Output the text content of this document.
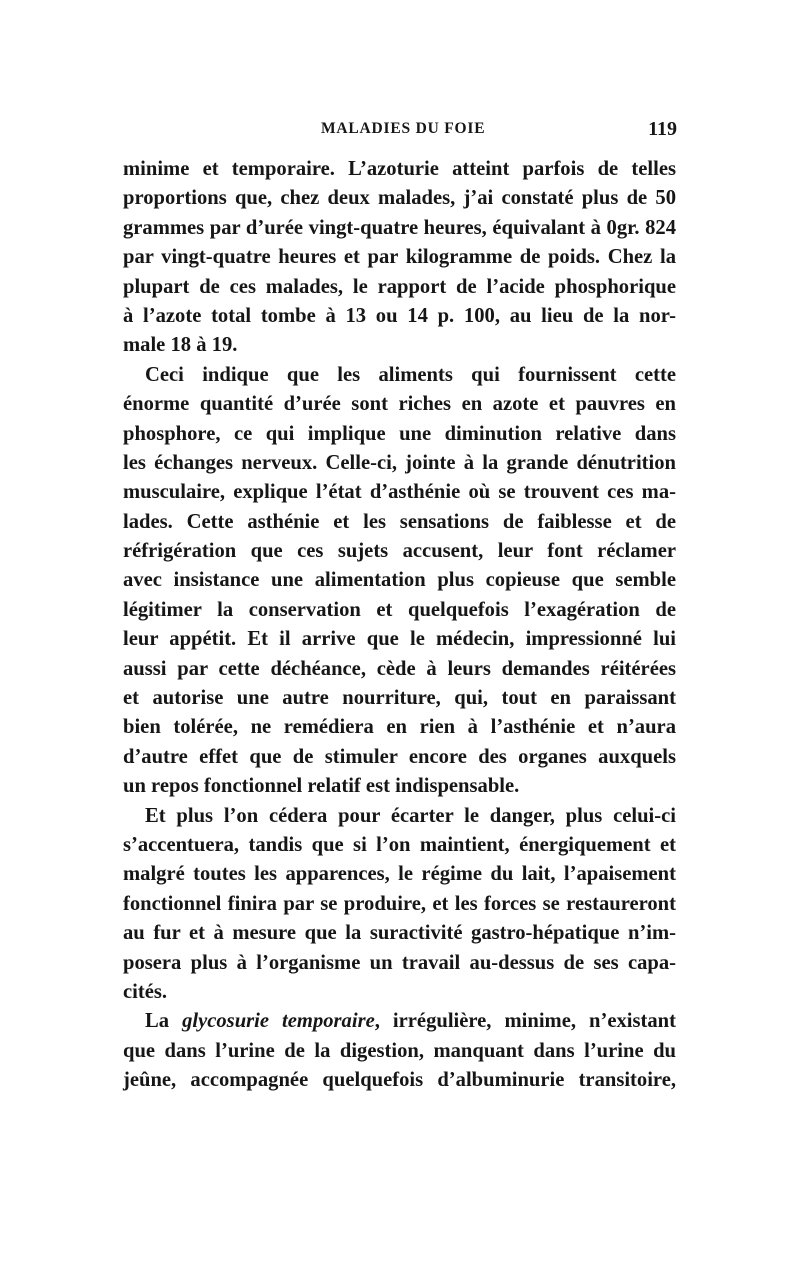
MALADIES DU FOIE	119
minime et temporaire. L’azoturie atteint parfois de telles
proportions que, chez deux malades, j’ai constaté plus de 50
grammes par d’urée vingt-quatre heures, équivalant à 0gr. 824
par vingt-quatre heures et par kilogramme de poids. Chez la
plupart de ces malades, le rapport de l’acide phosphorique
à l’azote total tombe à 13 ou 14 p. 100, au lieu de la nor-
male 18 à 19.
Ceci indique que les aliments qui fournissent cette
énorme quantité d’urée sont riches en azote et pauvres en
phosphore, ce qui implique une diminution relative dans
les échanges nerveux. Celle-ci, jointe à la grande dénutrition
musculaire, explique l’état d’asthénie où se trouvent ces ma-
lades. Cette asthénie et les sensations de faiblesse et de
réfrigération que ces sujets accusent, leur font réclamer
avec insistance une alimentation plus copieuse que semble
légitimer la conservation et quelquefois l’exagération de
leur appétit. Et il arrive que le médecin, impressionné lui
aussi par cette déchéance, cède à leurs demandes réitérées
et autorise une autre nourriture, qui, tout en paraissant
bien tolérée, ne remédiera en rien à l’asthénie et n’aura
d’autre effet que de stimuler encore des organes auxquels
un repos fonctionnel relatif est indispensable.
Et plus l’on cédera pour écarter le danger, plus celui-ci
s’accentuera, tandis que si l’on maintient, énergiquement et
malgré toutes les apparences, le régime du lait, l’apaisement
fonctionnel finira par se produire, et les forces se restaureront
au fur et à mesure que la suractivité gastro-hépatique n’im-
posera plus à l’organisme un travail au-dessus de ses capa-
cités.
La glycosurie temporaire, irrégulière, minime, n’existant
que dans l’urine de la digestion, manquant dans l’urine du
jeûne, accompagnée quelquefois d’albuminurie transitoire,
